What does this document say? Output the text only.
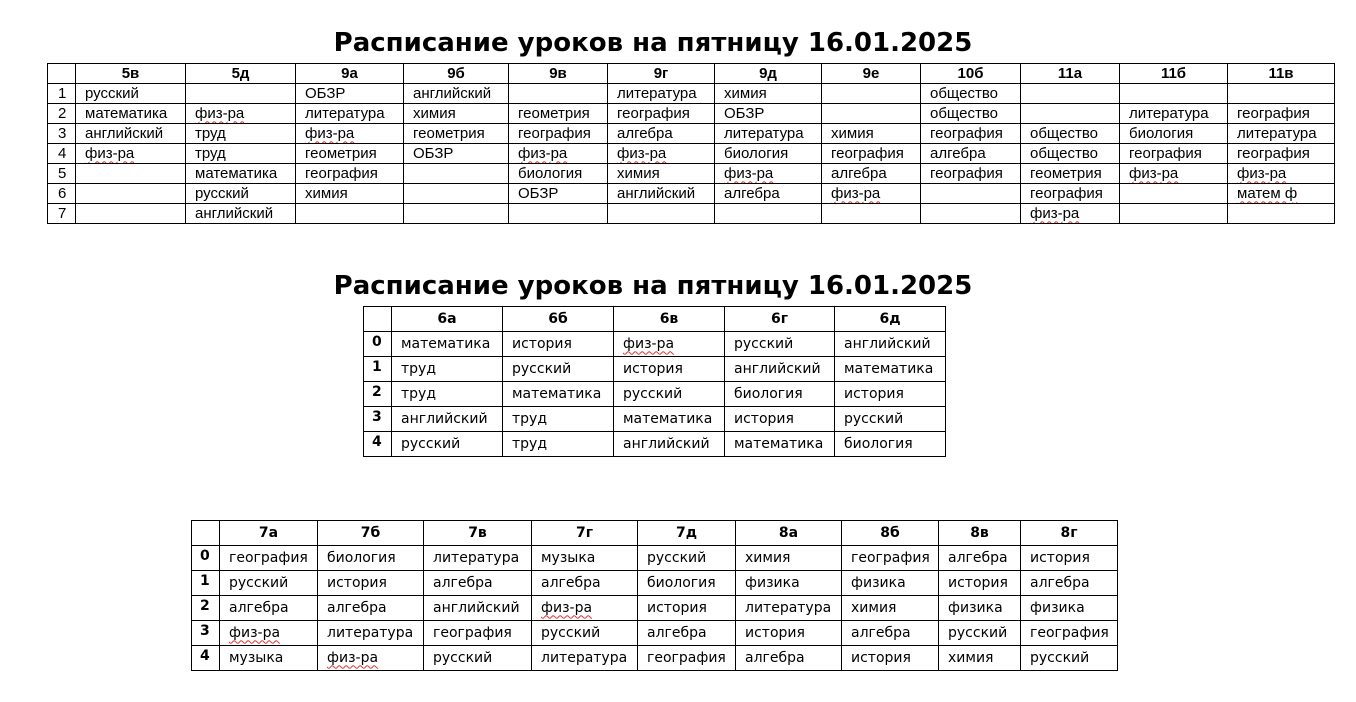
Расписание уроков на пятницу 16.01.2025
	5в	5д	9а	9б	9в	9г	9д	9е	10б	11а	11б	11в
1	русский		ОБЗР	английский		литература	химия		общество			
2	математика	физ-ра	литература	химия	геометрия	география	ОБЗР		общество		литература	география
3	английский	труд	физ-ра	геометрия	география	алгебра	литература	химия	география	общество	биология	литература
4	физ-ра	труд	геометрия	ОБЗР	физ-ра	физ-ра	биология	география	алгебра	общество	география	география
5		математика	география		биология	химия	физ-ра	алгебра	география	геометрия	физ-ра	физ-ра
6		русский	химия		ОБЗР	английский	алгебра	физ-ра		география		матем ф
7		английский								физ-ра		
Расписание уроков на пятницу 16.01.2025
	6а	6б	6в	6г	6д
0	математика	история	физ-ра	русский	английский
1	труд	русский	история	английский	математика
2	труд	математика	русский	биология	история
3	английский	труд	математика	история	русский
4	русский	труд	английский	математика	биология
	7а	7б	7в	7г	7д	8а	8б	8в	8г
0	география	биология	литература	музыка	русский	химия	география	алгебра	история
1	русский	история	алгебра	алгебра	биология	физика	физика	история	алгебра
2	алгебра	алгебра	английский	физ-ра	история	литература	химия	физика	физика
3	физ-ра	литература	география	русский	алгебра	история	алгебра	русский	география
4	музыка	физ-ра	русский	литература	география	алгебра	история	химия	русский
